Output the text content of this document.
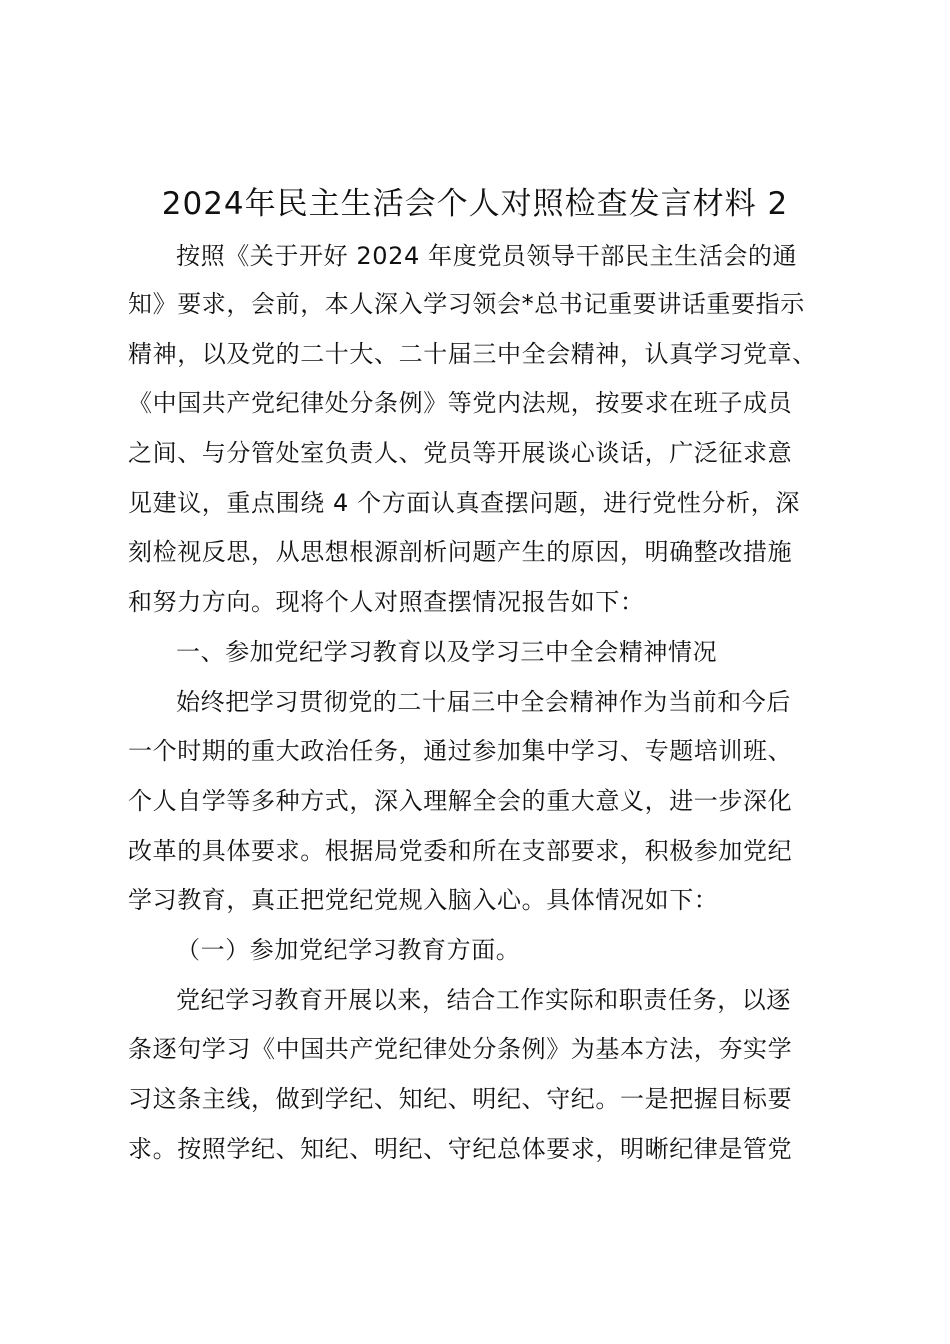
2024年民主生活会个人对照检查发言材料 2
按照《关于开好 2024 年度党员领导干部民主生活会的通
知》要求，会前，本人深入学习领会*总书记重要讲话重要指示
精神，以及党的二十大、二十届三中全会精神，认真学习党章、
《中国共产党纪律处分条例》等党内法规，按要求在班子成员
之间、与分管处室负责人、党员等开展谈心谈话，广泛征求意
见建议，重点围绕 4 个方面认真查摆问题，进行党性分析，深
刻检视反思，从思想根源剖析问题产生的原因，明确整改措施
和努力方向。现将个人对照查摆情况报告如下：
一、参加党纪学习教育以及学习三中全会精神情况
始终把学习贯彻党的二十届三中全会精神作为当前和今后
一个时期的重大政治任务，通过参加集中学习、专题培训班、
个人自学等多种方式，深入理解全会的重大意义，进一步深化
改革的具体要求。根据局党委和所在支部要求，积极参加党纪
学习教育，真正把党纪党规入脑入心。具体情况如下：
（一）参加党纪学习教育方面。
党纪学习教育开展以来，结合工作实际和职责任务，以逐
条逐句学习《中国共产党纪律处分条例》为基本方法，夯实学
习这条主线，做到学纪、知纪、明纪、守纪。一是把握目标要
求。按照学纪、知纪、明纪、守纪总体要求，明晰纪律是管党
